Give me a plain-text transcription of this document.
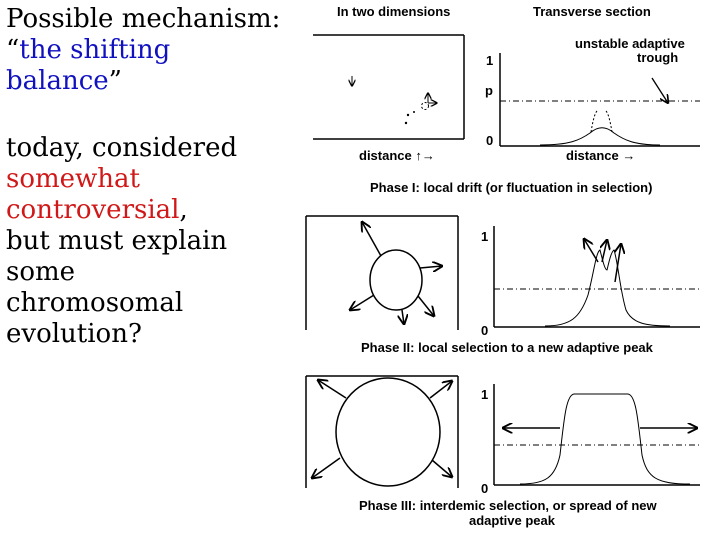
Possible mechanism:
“the shifting
balance”
today, considered
somewhat
controversial,
but must explain
some
chromosomal
evolution?
In two dimensions	Transverse section
1
p
0
unstable adaptive
trough
distance ↑→	distance →
Phase I: local drift (or fluctuation in selection)
1
0
Phase II: local selection to a new adaptive peak
1
0
Phase III: interdemic selection, or spread of new
adaptive peak
